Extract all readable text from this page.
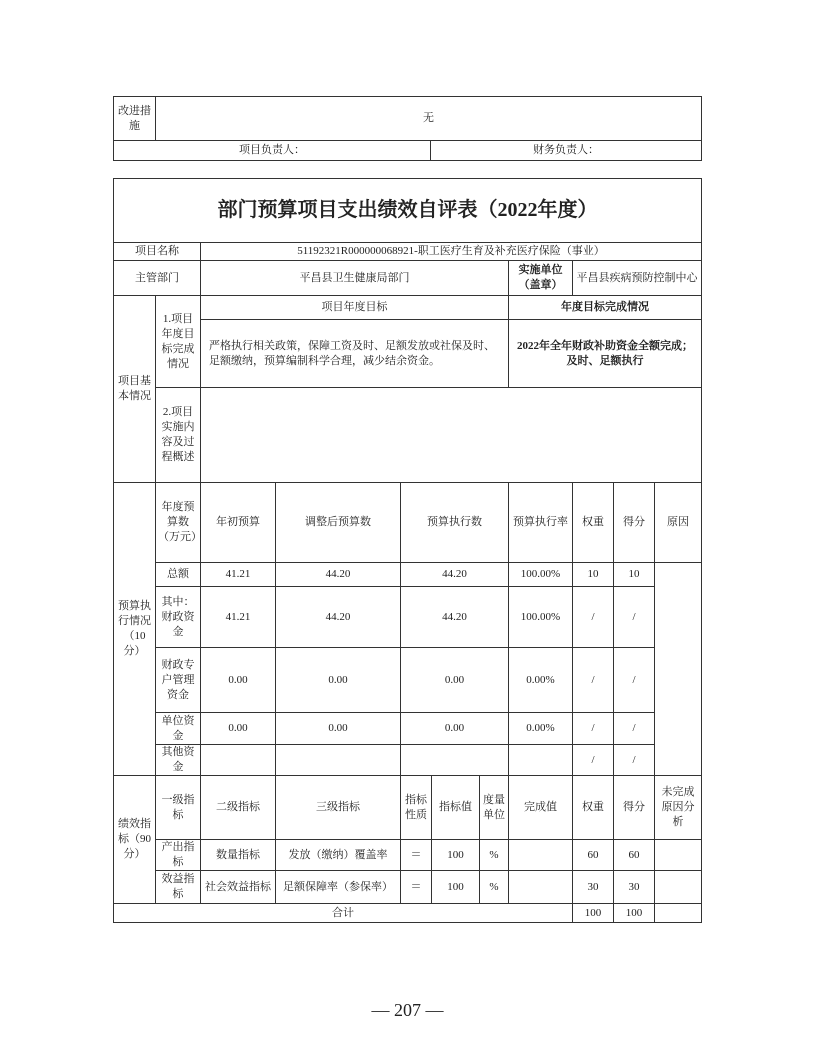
改进措施	无	
项目负责人：		财务负责人：
部门预算项目支出绩效自评表（2022年度）										
项目名称		51192321R000000068921-职工医疗生育及补充医疗保险（事业）								
主管部门		平昌县卫生健康局部门					实施单位（盖章）	平昌县疾病预防控制中心		
项目基本情况	1.项目年度目标完成情况	项目年度目标					年度目标完成情况			
		严格执行相关政策，保障工资及时、足额发放或社保及时、足额缴纳，预算编制科学合理，减少结余资金。					2022年全年财政补助资金全额完成；及时、足额执行			
	2.项目实施内容及过程概述									
预算执行情况（10分）	年度预算数（万元）	年初预算	调整后预算数	预算执行数			预算执行率	权重	得分	原因
	总额	41.21	44.20	44.20			100.00%	10	10	
	其中：财政资金	41.21	44.20	44.20			100.00%	/	/	
	财政专户管理资金	0.00	0.00	0.00			0.00%	/	/	
	单位资金	0.00	0.00	0.00			0.00%	/	/	
	其他资金							/	/	
绩效指标（90分）	一级指标	二级指标	三级指标	指标性质	指标值	度量单位	完成值	权重	得分	未完成原因分析
	产出指标	数量指标	发放（缴纳）覆盖率	＝	100	%		60	60	
	效益指标	社会效益指标	足额保障率（参保率）	＝	100	%		30	30	
合计								100	100	
— 207 —
